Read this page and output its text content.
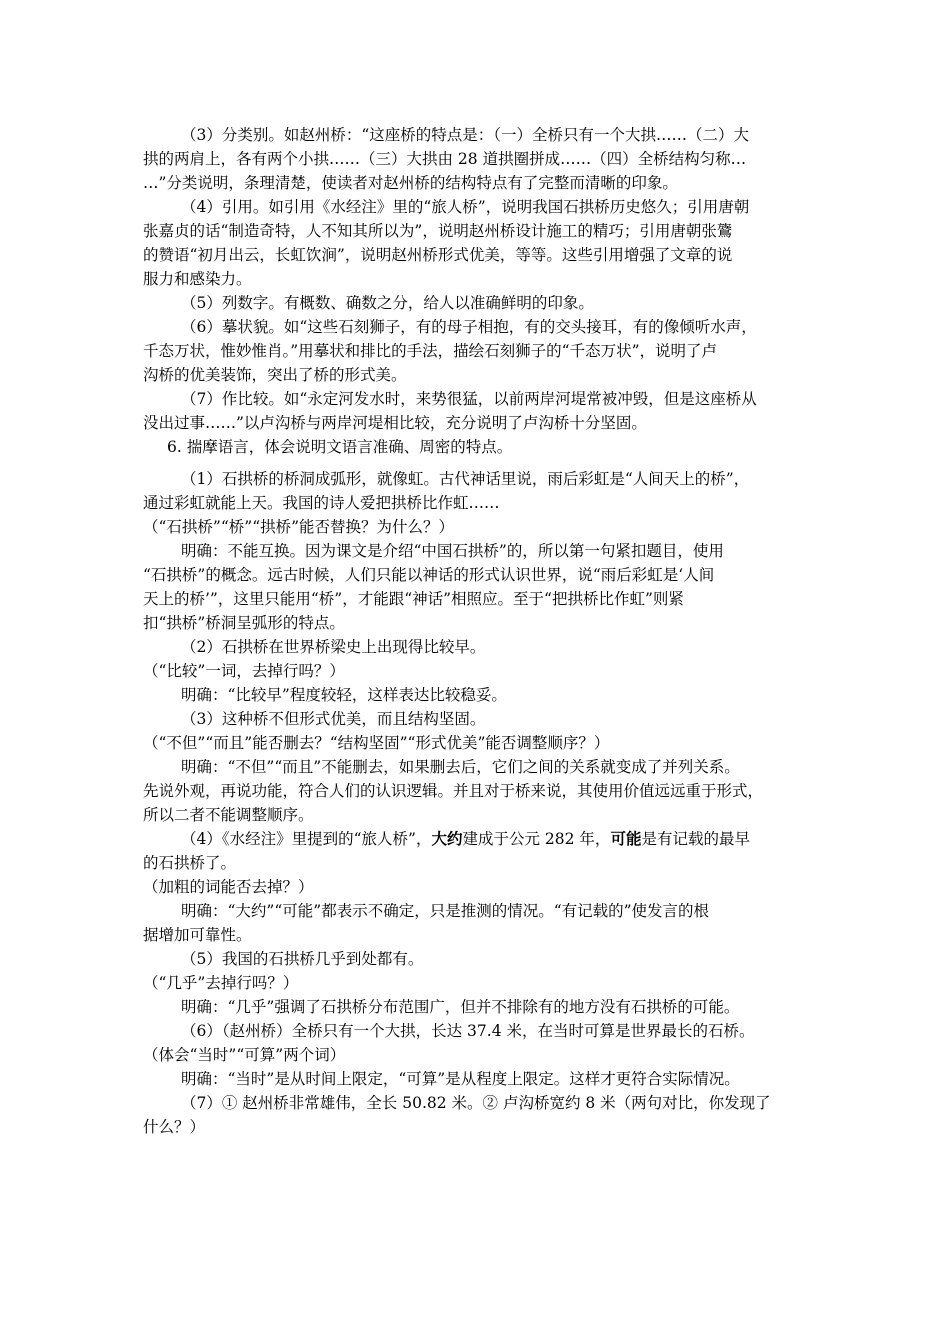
（3）分类别。如赵州桥：“这座桥的特点是：（一）全桥只有一个大拱……（二）大
拱的两肩上，各有两个小拱……（三）大拱由 28 道拱圈拼成……（四）全桥结构匀称…
…”分类说明，条理清楚，使读者对赵州桥的结构特点有了完整而清晰的印象。
（4）引用。如引用《水经注》里的“旅人桥”，说明我国石拱桥历史悠久；引用唐朝
张嘉贞的话“制造奇特，人不知其所以为”，说明赵州桥设计施工的精巧；引用唐朝张鷟
的赞语“初月出云，长虹饮涧”，说明赵州桥形式优美，等等。这些引用增强了文章的说
服力和感染力。
（5）列数字。有概数、确数之分，给人以准确鲜明的印象。
（6）摹状貌。如“这些石刻狮子，有的母子相抱，有的交头接耳，有的像倾听水声，
千态万状，惟妙惟肖。”用摹状和排比的手法，描绘石刻狮子的“千态万状”，说明了卢
沟桥的优美装饰，突出了桥的形式美。
（7）作比较。如“永定河发水时，来势很猛，以前两岸河堤常被冲毁，但是这座桥从
没出过事……”以卢沟桥与两岸河堤相比较，充分说明了卢沟桥十分坚固。
6. 揣摩语言，体会说明文语言准确、周密的特点。
（1）石拱桥的桥洞成弧形，就像虹。古代神话里说，雨后彩虹是“人间天上的桥”，
通过彩虹就能上天。我国的诗人爱把拱桥比作虹……
（“石拱桥”“桥”“拱桥”能否替换？为什么？）
明确：不能互换。因为课文是介绍“中国石拱桥”的，所以第一句紧扣题目，使用
“石拱桥”的概念。远古时候，人们只能以神话的形式认识世界，说“雨后彩虹是‘人间
天上的桥’”，这里只能用“桥”，才能跟“神话”相照应。至于“把拱桥比作虹”则紧
扣“拱桥”桥洞呈弧形的特点。
（2）石拱桥在世界桥梁史上出现得比较早。
（“比较”一词，去掉行吗？）
明确：“比较早”程度较轻，这样表达比较稳妥。
（3）这种桥不但形式优美，而且结构坚固。
（“不但”“而且”能否删去？“结构坚固”“形式优美”能否调整顺序？）
明确：“不但”“而且”不能删去，如果删去后，它们之间的关系就变成了并列关系。
先说外观，再说功能，符合人们的认识逻辑。并且对于桥来说，其使用价值远远重于形式，
所以二者不能调整顺序。
（4）《水经注》里提到的“旅人桥”，大约建成于公元 282 年，可能是有记载的最早
的石拱桥了。
（加粗的词能否去掉？）
明确：“大约”“可能”都表示不确定，只是推测的情况。“有记载的”使发言的根
据增加可靠性。
（5）我国的石拱桥几乎到处都有。
（“几乎”去掉行吗？）
明确：“几乎”强调了石拱桥分布范围广，但并不排除有的地方没有石拱桥的可能。
（6）（赵州桥）全桥只有一个大拱，长达 37.4 米，在当时可算是世界最长的石桥。
（体会“当时”“可算”两个词）
明确：“当时”是从时间上限定，“可算”是从程度上限定。这样才更符合实际情况。
（7）① 赵州桥非常雄伟，全长 50.82 米。② 卢沟桥宽约 8 米（两句对比，你发现了
什么？）
